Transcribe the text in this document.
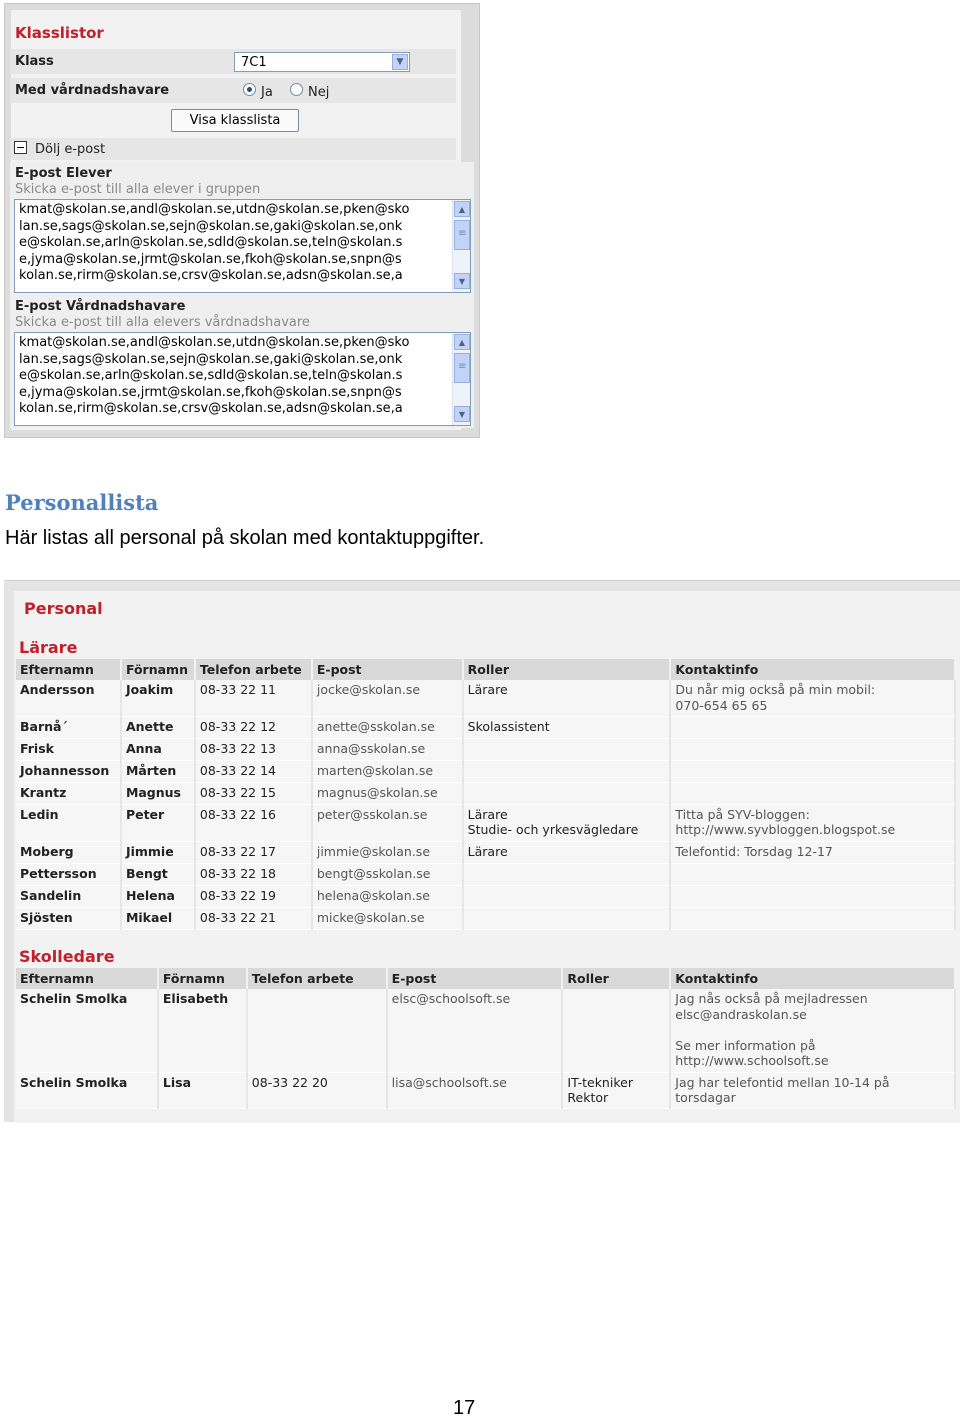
Klasslistor
Klass	7C1	▼
Med vårdnadshavare	Ja	Nej
Visa klasslista
Dölj e-post
E-post Elever
Skicka e-post till alla elever i gruppen
kmat@skolan.se,andl@skolan.se,utdn@skolan.se,pken@sko
lan.se,sags@skolan.se,sejn@skolan.se,gaki@skolan.se,onk
e@skolan.se,arln@skolan.se,sdld@skolan.se,teln@skolan.s
e,jyma@skolan.se,jrmt@skolan.se,fkoh@skolan.se,snpn@s
kolan.se,rirm@skolan.se,crsv@skolan.se,adsn@skolan.se,a
▲
≡
▼
E-post Vårdnadshavare
Skicka e-post till alla elevers vårdnadshavare
kmat@skolan.se,andl@skolan.se,utdn@skolan.se,pken@sko
lan.se,sags@skolan.se,sejn@skolan.se,gaki@skolan.se,onk
e@skolan.se,arln@skolan.se,sdld@skolan.se,teln@skolan.s
e,jyma@skolan.se,jrmt@skolan.se,fkoh@skolan.se,snpn@s
kolan.se,rirm@skolan.se,crsv@skolan.se,adsn@skolan.se,a
▲
≡
▼
Personallista
Här listas all personal på skolan med kontaktuppgifter.
Personal
Lärare
Efternamn	Förnamn	Telefon arbete	E-post	Roller	Kontaktinfo
Andersson	Joakim	08-33 22 11	jocke@skolan.se	Lärare	Du når mig också på min mobil:
070-654 65 65
Barnå´	Anette	08-33 22 12	anette@sskolan.se	Skolassistent	
Frisk	Anna	08-33 22 13	anna@sskolan.se		
Johannesson	Mårten	08-33 22 14	marten@skolan.se		
Krantz	Magnus	08-33 22 15	magnus@skolan.se		
Ledin	Peter	08-33 22 16	peter@sskolan.se	Lärare
Studie- och yrkesvägledare	Titta på SYV-bloggen:
http://www.syvbloggen.blogspot.se
Moberg	Jimmie	08-33 22 17	jimmie@skolan.se	Lärare	Telefontid: Torsdag 12-17
Pettersson	Bengt	08-33 22 18	bengt@sskolan.se		
Sandelin	Helena	08-33 22 19	helena@skolan.se		
Sjösten	Mikael	08-33 22 21	micke@skolan.se		
Skolledare
Efternamn	Förnamn	Telefon arbete	E-post	Roller	Kontaktinfo
Schelin Smolka	Elisabeth		elsc@schoolsoft.se		Jag nås också på mejladressen
elsc@andraskolan.se

Se mer information på
http://www.schoolsoft.se
Schelin Smolka	Lisa	08-33 22 20	lisa@schoolsoft.se	IT-tekniker
Rektor	Jag har telefontid mellan 10-14 på
torsdagar
17
